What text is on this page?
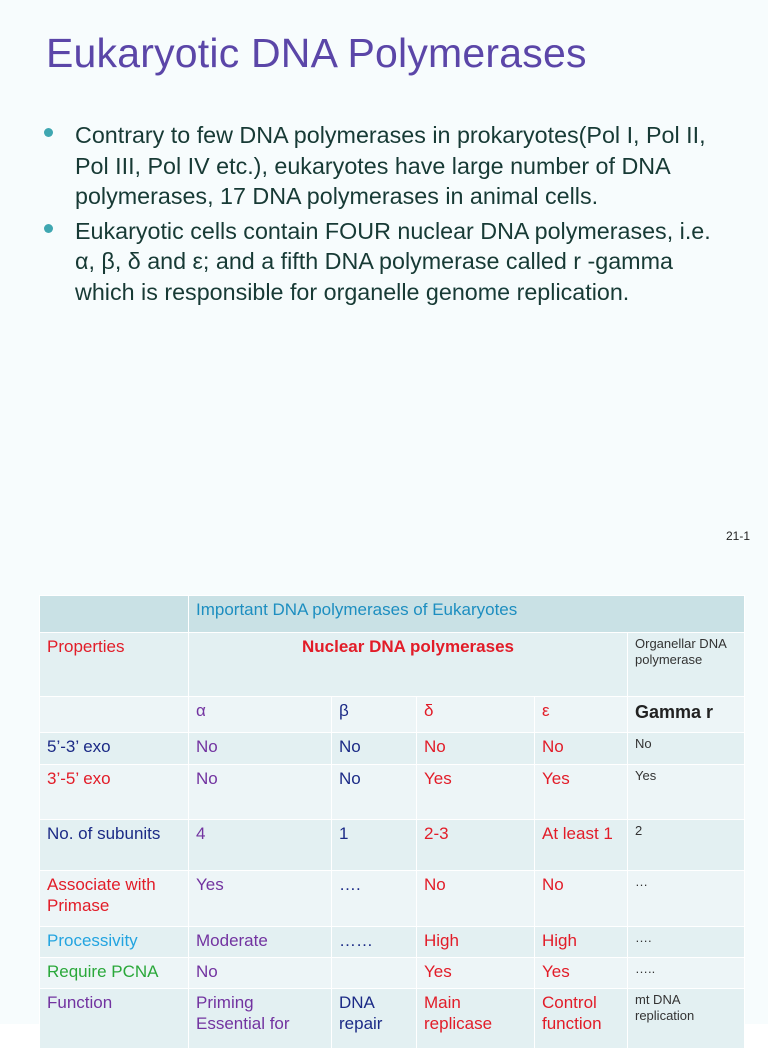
Eukaryotic DNA Polymerases
Contrary to few DNA polymerases in prokaryotes(Pol I, Pol II, Pol III, Pol IV etc.), eukaryotes have large number of DNA polymerases, 17 DNA polymerases in animal cells.
Eukaryotic cells contain FOUR nuclear DNA polymerases, i.e. α, β, δ and ε; and a fifth DNA polymerase called r -gamma which is responsible for organelle genome replication.
21-1
	Important DNA polymerases of Eukaryotes				
Properties	Nuclear DNA polymerases				Organellar DNA polymerase
	α	β	δ	ε	Gamma r
5’-3’ exo	No	No	No	No	No
3’-5’ exo	No	No	Yes	Yes	Yes
No. of subunits	4	1	2-3	At least 1	2
Associate with Primase	Yes	….	No	No	…
Processivity	Moderate	……	High	High	….
Require PCNA	No		Yes	Yes	…..
Function	Priming Essential for	DNA repair	Main replicase	Control function	mt DNA replication
